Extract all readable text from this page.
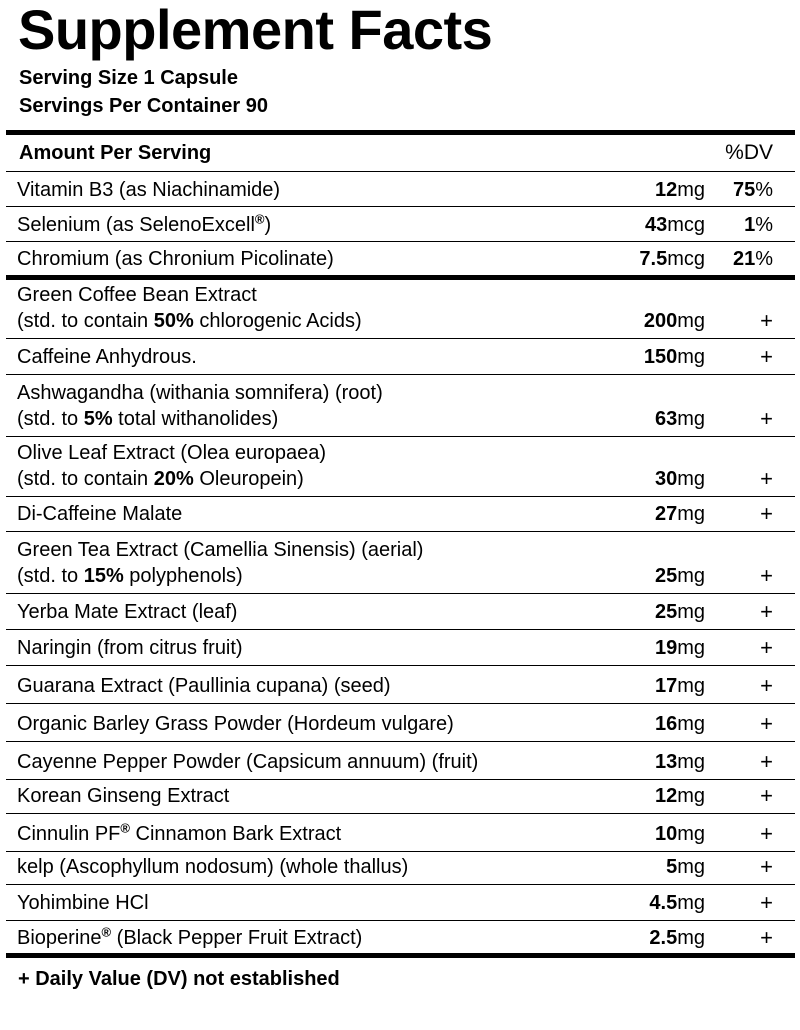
Supplement Facts
Serving Size 1 Capsule
Servings Per Container 90
Amount Per Serving	%DV
Vitamin B3 (as Niachinamide)	12mg	75%
Selenium (as SelenoExcell®)	43mcg	1%
Chromium (as Chronium Picolinate)	7.5mcg	21%
Green Coffee Bean Extract
(std. to contain 50% chlorogenic Acids)	200mg	+
Caffeine Anhydrous.	150mg	+
Ashwagandha (withania somnifera) (root)
(std. to 5% total withanolides)	63mg	+
Olive Leaf Extract (Olea europaea)
(std. to contain 20% Oleuropein)	30mg	+
Di-Caffeine Malate	27mg	+
Green Tea Extract (Camellia Sinensis) (aerial)
(std. to 15% polyphenols)	25mg	+
Yerba Mate Extract (leaf)	25mg	+
Naringin (from citrus fruit)	19mg	+
Guarana Extract (Paullinia cupana) (seed)	17mg	+
Organic Barley Grass Powder (Hordeum vulgare)	16mg	+
Cayenne Pepper Powder (Capsicum annuum) (fruit)	13mg	+
Korean Ginseng Extract	12mg	+
Cinnulin PF® Cinnamon Bark Extract	10mg	+
kelp (Ascophyllum nodosum) (whole thallus)	5mg	+
Yohimbine HCl	4.5mg	+
Bioperine® (Black Pepper Fruit Extract)	2.5mg	+
+ Daily Value (DV) not established
